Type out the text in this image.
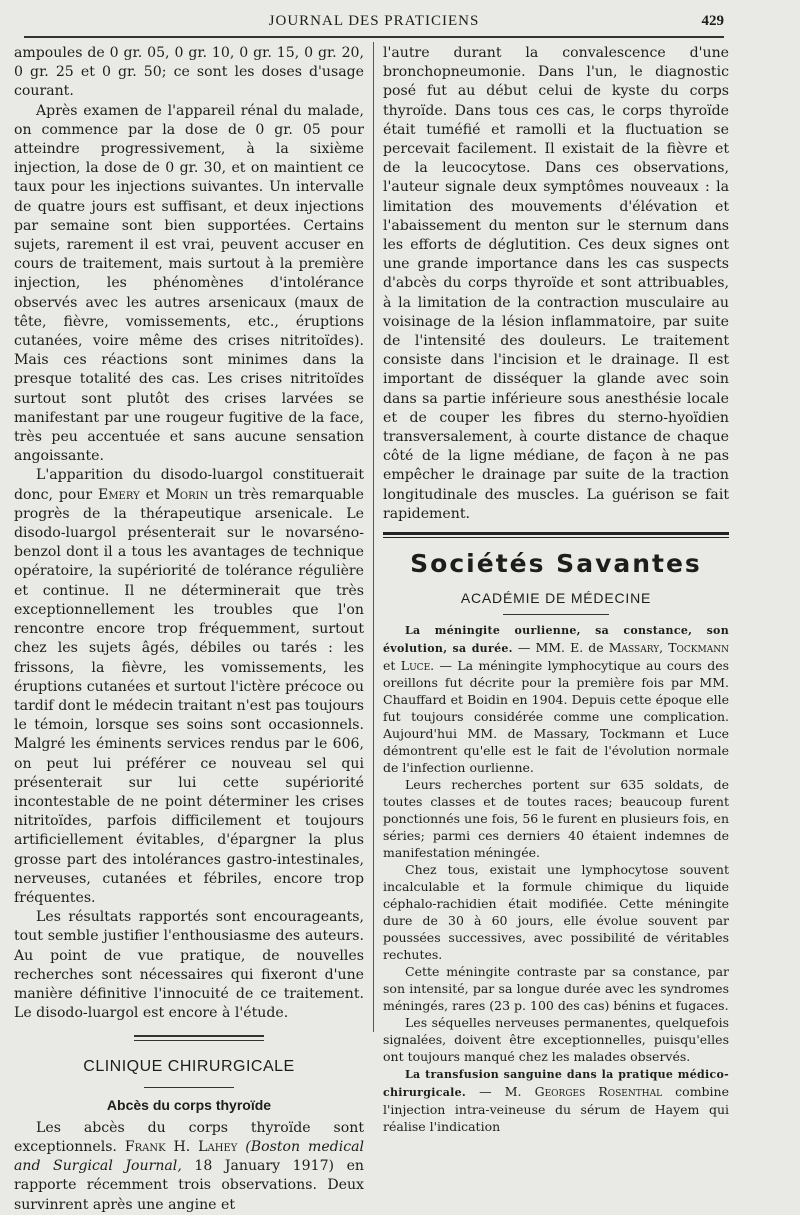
JOURNAL DES PRATICIENS	429

ampoules de 0 gr. 05, 0 gr. 10, 0 gr. 15, 0 gr. 20, 0 gr. 25 et 0 gr. 50; ce sont les doses d'usage courant.

Après examen de l'appareil rénal du malade, on commence par la dose de 0 gr. 05 pour atteindre progressivement, à la sixième injection, la dose de 0 gr. 30, et on maintient ce taux pour les injections suivantes. Un intervalle de quatre jours est suffisant, et deux injections par semaine sont bien supportées. Certains sujets, rarement il est vrai, peuvent accuser en cours de traitement, mais surtout à la première injection, les phénomènes d'intolérance observés avec les autres arsenicaux (maux de tête, fièvre, vomissements, etc., éruptions cutanées, voire même des crises nitritoïdes). Mais ces réactions sont minimes dans la presque totalité des cas. Les crises nitritoïdes surtout sont plutôt des crises larvées se manifestant par une rougeur fugitive de la face, très peu accentuée et sans aucune sensation angoissante.

L'apparition du disodo-luargol constituerait donc, pour Emery et Morin un très remarquable progrès de la thérapeutique arsenicale. Le disodo-luargol présenterait sur le novarséno-benzol dont il a tous les avantages de technique opératoire, la supériorité de tolérance régulière et continue. Il ne déterminerait que très exceptionnellement les troubles que l'on rencontre encore trop fréquemment, surtout chez les sujets âgés, débiles ou tarés : les frissons, la fièvre, les vomissements, les éruptions cutanées et surtout l'ictère précoce ou tardif dont le médecin traitant n'est pas toujours le témoin, lorsque ses soins sont occasionnels. Malgré les éminents services rendus par le 606, on peut lui préférer ce nouveau sel qui présenterait sur lui cette supériorité incontestable de ne point déterminer les crises nitritoïdes, parfois difficilement et toujours artificiellement évitables, d'épargner la plus grosse part des intolérances gastro-intestinales, nerveuses, cutanées et fébriles, encore trop fréquentes.

Les résultats rapportés sont encourageants, tout semble justifier l'enthousiasme des auteurs. Au point de vue pratique, de nouvelles recherches sont nécessaires qui fixeront d'une manière définitive l'innocuité de ce traitement. Le disodo-luargol est encore à l'étude.

CLINIQUE CHIRURGICALE
Abcès du corps thyroïde

Les abcès du corps thyroïde sont exceptionnels. Frank H. Lahey (Boston medical and Surgical Journal, 18 January 1917) en rapporte récemment trois observations. Deux survinrent après une angine et

l'autre durant la convalescence d'une bronchopneumonie. Dans l'un, le diagnostic posé fut au début celui de kyste du corps thyroïde. Dans tous ces cas, le corps thyroïde était tuméfié et ramolli et la fluctuation se percevait facilement. Il existait de la fièvre et de la leucocytose. Dans ces observations, l'auteur signale deux symptômes nouveaux : la limitation des mouvements d'élévation et l'abaissement du menton sur le sternum dans les efforts de déglutition. Ces deux signes ont une grande importance dans les cas suspects d'abcès du corps thyroïde et sont attribuables, à la limitation de la contraction musculaire au voisinage de la lésion inflammatoire, par suite de l'intensité des douleurs. Le traitement consiste dans l'incision et le drainage. Il est important de disséquer la glande avec soin dans sa partie inférieure sous anesthésie locale et de couper les fibres du sterno-hyoïdien transversalement, à courte distance de chaque côté de la ligne médiane, de façon à ne pas empêcher le drainage par suite de la traction longitudinale des muscles. La guérison se fait rapidement.

Sociétés Savantes
ACADÉMIE DE MÉDECINE

La méningite ourlienne, sa constance, son évolution, sa durée. — MM. E. de Massary, Tockmann et Luce. — La méningite lymphocytique au cours des oreillons fut décrite pour la première fois par MM. Chauffard et Boidin en 1904. Depuis cette époque elle fut toujours considérée comme une complication. Aujourd'hui MM. de Massary, Tockmann et Luce démontrent qu'elle est le fait de l'évolution normale de l'infection ourlienne.

Leurs recherches portent sur 635 soldats, de toutes classes et de toutes races; beaucoup furent ponctionnés une fois, 56 le furent en plusieurs fois, en séries; parmi ces derniers 40 étaient indemnes de manifestation méningée.

Chez tous, existait une lymphocytose souvent incalculable et la formule chimique du liquide céphalo-rachidien était modifiée. Cette méningite dure de 30 à 60 jours, elle évolue souvent par poussées successives, avec possibilité de véritables rechutes.

Cette méningite contraste par sa constance, par son intensité, par sa longue durée avec les syndromes méningés, rares (23 p. 100 des cas) bénins et fugaces.

Les séquelles nerveuses permanentes, quelquefois signalées, doivent être exceptionnelles, puisqu'elles ont toujours manqué chez les malades observés.

La transfusion sanguine dans la pratique médico-chirurgicale. — M. Georges Rosenthal combine l'injection intra-veineuse du sérum de Hayem qui réalise l'indication
